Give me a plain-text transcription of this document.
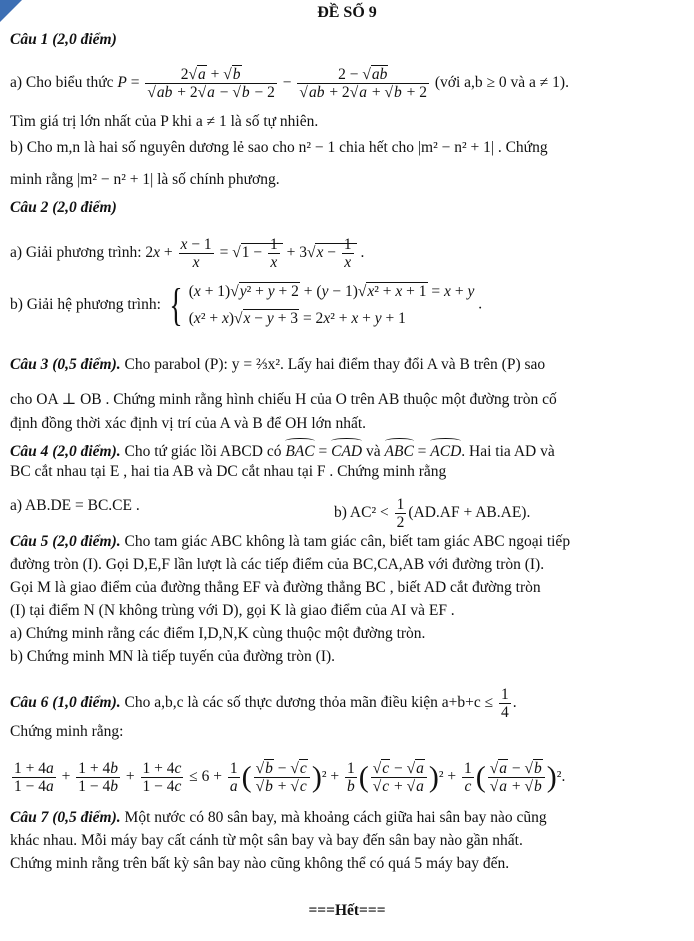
ĐỀ SỐ 9
Câu 1 (2,0 điểm)
a) Cho biểu thức P = 2√ a + √ b
√ ab + 2√ a − √ b − 2 − 2 − √ ab
√ ab + 2√ a + √ b + 2 (với a,b ≥ 0 và a ≠ 1).
Tìm giá trị lớn nhất của P khi a ≠ 1 là số tự nhiên.
b) Cho m,n là hai số nguyên dương lẻ sao cho n² − 1 chia hết cho |m² − n² + 1| . Chứng
minh rằng |m² − n² + 1| là số chính phương.
Câu 2 (2,0 điểm)
a) Giải phương trình: $2x + \frac{x - 1}{x}$ = √ $1 - \frac{1}{x} + 3√$ $x - \frac{1}{x}$ .
b) Giải hệ phương trình: { (x + 1)√ y² + y + 2 + (y − 1)√ x² + x + 1 = x + y
(x² + x)√ x − y + 3 = 2x² + x + y + 1
.
Câu 3 (0,5 điểm). Cho parabol (P): y = ⅔x². Lấy hai điểm thay đổi A và B trên (P) sao
cho OA ⊥ OB . Chứng minh rằng hình chiếu H của O trên AB thuộc một đường tròn cố
định đồng thời xác định vị trí của A và B để OH lớn nhất.
Câu 4 (2,0 điểm). Cho tứ giác lồi ABCD có BAC = CAD và ABC = ACD. Hai tia AD và
BC cắt nhau tại E , hai tia AB và DC cắt nhau tại F . Chứng minh rằng
a) AB.DE = BC.CE .	b) $AC^2 < \frac{1}{2} (AD.AF + AB.AE)$.
Câu 5 (2,0 điểm). Cho tam giác ABC không là tam giác cân, biết tam giác ABC ngoại tiếp
đường tròn (I). Gọi D,E,F lần lượt là các tiếp điểm của BC,CA,AB với đường tròn (I).
Gọi M là giao điểm của đường thẳng EF và đường thẳng BC , biết AD cắt đường tròn
(I) tại điểm N (N không trùng với D), gọi K là giao điểm của AI và EF .
a) Chứng minh rằng các điểm I,D,N,K cùng thuộc một đường tròn.
b) Chứng minh MN là tiếp tuyến của đường tròn (I).
Câu 6 (1,0 điểm). Cho a,b,c là các số thực dương thỏa mãn điều kiện $a+b+c \le \frac{1}{4}$ .
Chứng minh rằng:
$\frac{1 + 4a}{1 - 4a} + \frac{1 + 4b}{1 - 4b} + \frac{1 + 4c}{1 - 4c} \le 6 + \frac{1}{a}$ (
√ b − √ c
√ b + √ c )$^2 + \frac{1}{b}$ (
√ c − √ a
√ c + √ a )$^2 + \frac{1}{c}$ (
√ a − √ b
√ a + √ b )².
Câu 7 (0,5 điểm). Một nước có 80 sân bay, mà khoảng cách giữa hai sân bay nào cũng
khác nhau. Mỗi máy bay cất cánh từ một sân bay và bay đến sân bay nào gần nhất.
Chứng minh rằng trên bất kỳ sân bay nào cũng không thể có quá 5 máy bay đến.
===Hết===
